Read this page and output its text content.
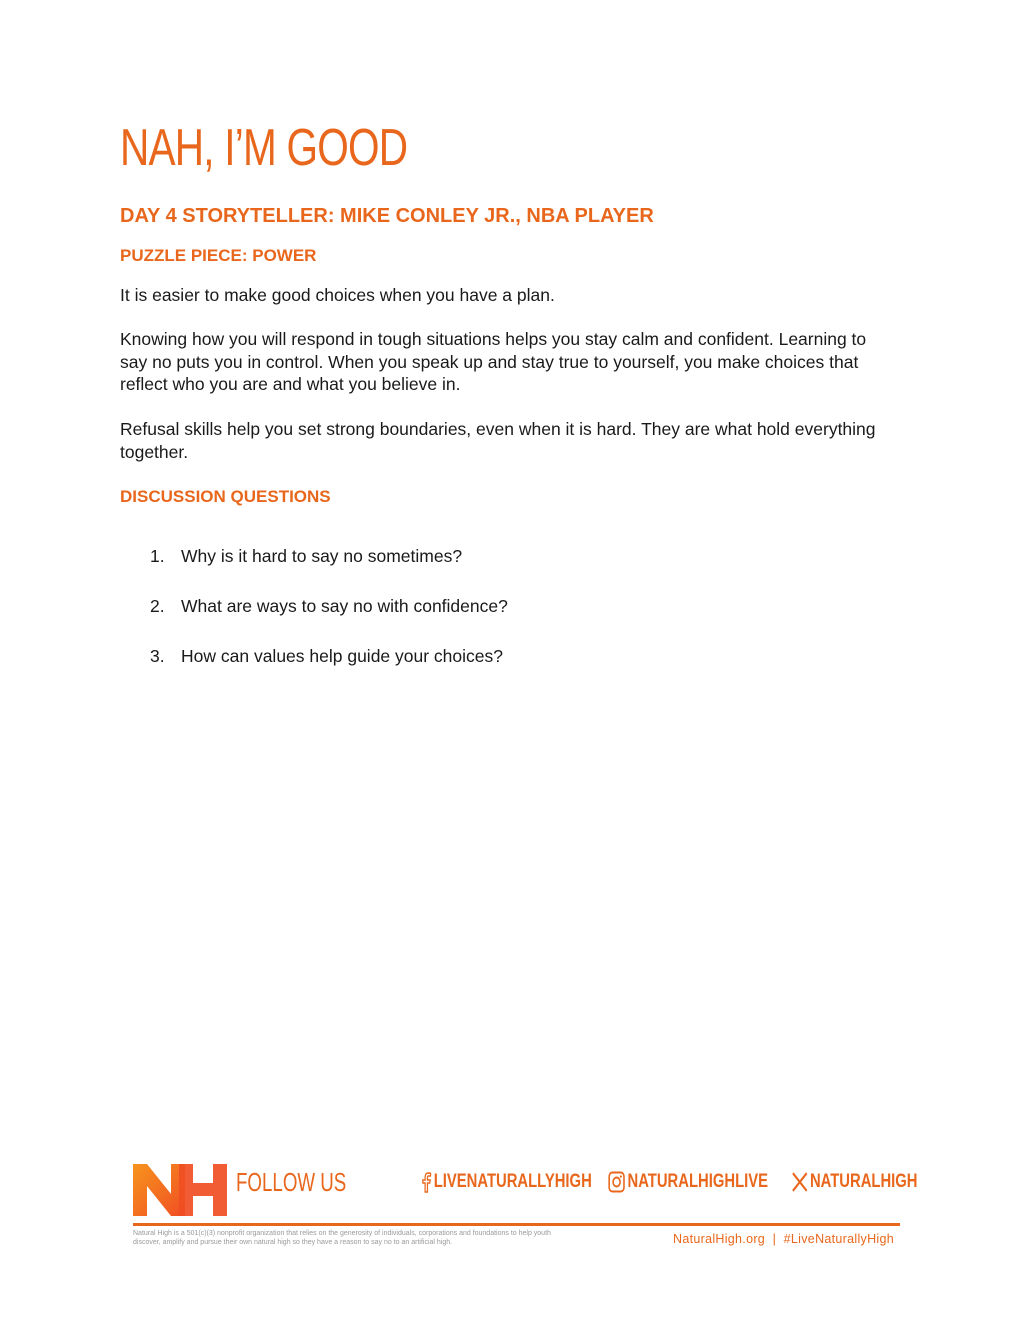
NAH, I’M GOOD
DAY 4 STORYTELLER: MIKE CONLEY JR., NBA PLAYER
PUZZLE PIECE: POWER

It is easier to make good choices when you have a plan.

Knowing how you will respond in tough situations helps you stay calm and confident. Learning to say no puts you in control. When you speak up and stay true to yourself, you make choices that reflect who you are and what you believe in.

Refusal skills help you set strong boundaries, even when it is hard. They are what hold everything together.

DISCUSSION QUESTIONS
1. Why is it hard to say no sometimes?
2. What are ways to say no with confidence?
3. How can values help guide your choices?
FOLLOW US	LIVENATURALLYHIGH	NATURALHIGHLIVE	NATURALHIGH
Natural High is a 501(c)(3) nonprofit organization that relies on the generosity of individuals, corporations and foundations to help youth discover, amplify and pursue their own natural high so they have a reason to say no to an artificial high.	NaturalHigh.org  |  #LiveNaturallyHigh
